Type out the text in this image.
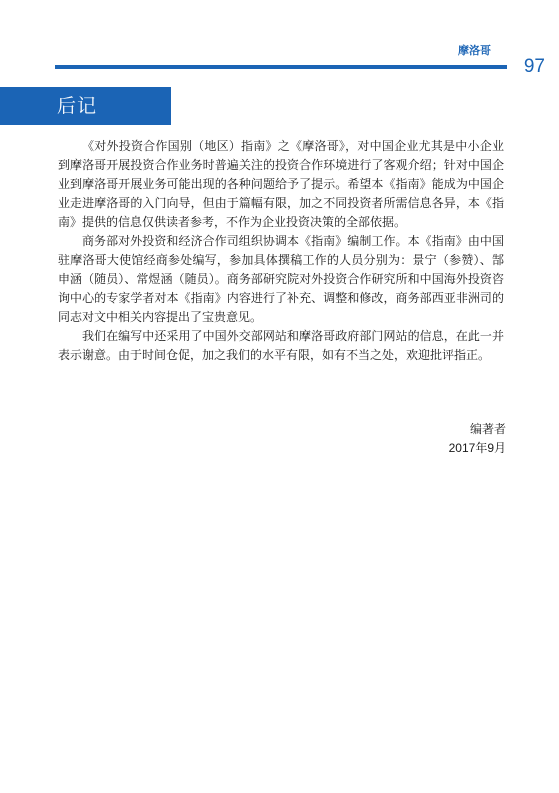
摩洛哥
97
后记

《对外投资合作国别（地区）指南》之《摩洛哥》，对中国企业尤其是中小企业到摩洛哥开展投资合作业务时普遍关注的投资合作环境进行了客观介绍；针对中国企业到摩洛哥开展业务可能出现的各种问题给予了提示。希望本《指南》能成为中国企业走进摩洛哥的入门向导，但由于篇幅有限，加之不同投资者所需信息各异，本《指南》提供的信息仅供读者参考，不作为企业投资决策的全部依据。

商务部对外投资和经济合作司组织协调本《指南》编制工作。本《指南》由中国驻摩洛哥大使馆经商参处编写，参加具体撰稿工作的人员分别为：景宁（参赞）、郜申涵（随员）、常煜涵（随员）。商务部研究院对外投资合作研究所和中国海外投资咨询中心的专家学者对本《指南》内容进行了补充、调整和修改，商务部西亚非洲司的同志对文中相关内容提出了宝贵意见。

我们在编写中还采用了中国外交部网站和摩洛哥政府部门网站的信息，在此一并表示谢意。由于时间仓促，加之我们的水平有限，如有不当之处，欢迎批评指正。

编著者
2017年9月
